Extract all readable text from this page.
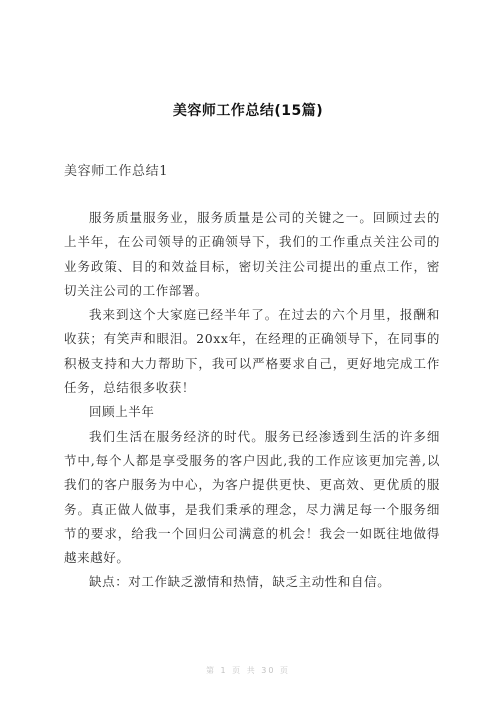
美容师工作总结(15篇)
美容师工作总结1

服务质量服务业，服务质量是公司的关键之一。回顾过去的上半年，在公司领导的正确领导下，我们的工作重点关注公司的业务政策、目的和效益目标，密切关注公司提出的重点工作，密切关注公司的工作部署。

我来到这个大家庭已经半年了。在过去的六个月里，报酬和收获；有笑声和眼泪。20xx年，在经理的正确领导下，在同事的积极支持和大力帮助下，我可以严格要求自己，更好地完成工作任务，总结很多收获！

回顾上半年

我们生活在服务经济的时代。服务已经渗透到生活的许多细节中,每个人都是享受服务的客户因此,我的工作应该更加完善,以我们的客户服务为中心，为客户提供更快、更高效、更优质的服务。真正做人做事，是我们秉承的理念，尽力满足每一个服务细节的要求，给我一个回归公司满意的机会！我会一如既往地做得越来越好。

缺点：对工作缺乏激情和热情，缺乏主动性和自信。

第 1 页 共 30 页
